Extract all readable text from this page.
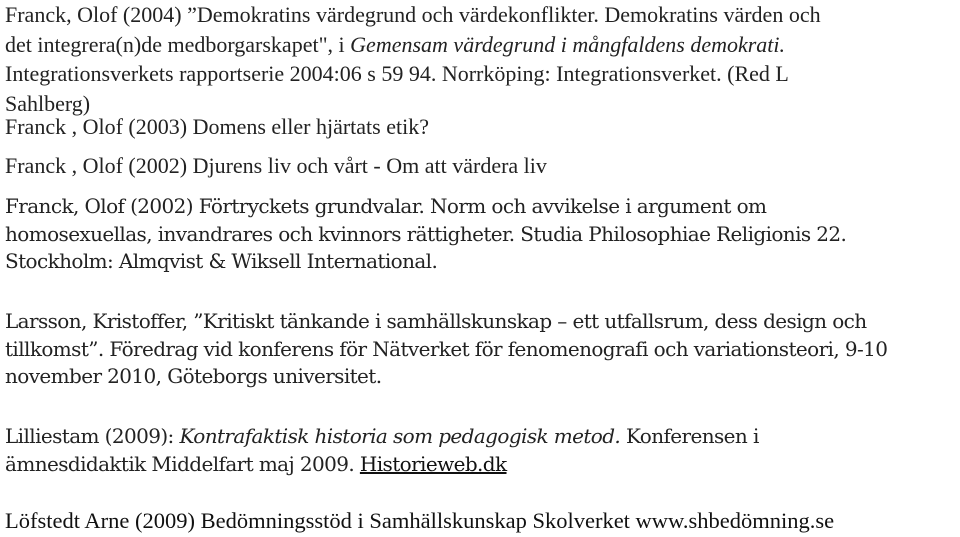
Franck, Olof (2004) ”Demokratins värdegrund och värdekonflikter. Demokratins värden och
det integrera(n)de medborgarskapet", i Gemensam värdegrund i mångfaldens demokrati.
Integrationsverkets rapportserie 2004:06 s 59 94. Norrköping: Integrationsverket. (Red L
Sahlberg)
Franck , Olof (2003) Domens eller hjärtats etik?
Franck , Olof (2002) Djurens liv och vårt - Om att värdera liv
Franck, Olof (2002) Förtryckets grundvalar. Norm och avvikelse i argument om
homosexuellas, invandrares och kvinnors rättigheter. Studia Philosophiae Religionis 22.
Stockholm: Almqvist & Wiksell International.
Larsson, Kristoffer, ”Kritiskt tänkande i samhällskunskap – ett utfallsrum, dess design och
tillkomst”. Föredrag vid konferens för Nätverket för fenomenografi och variationsteori, 9-10
november 2010, Göteborgs universitet.
Lilliestam (2009): Kontrafaktisk historia som pedagogisk metod. Konferensen i
ämnesdidaktik Middelfart maj 2009. Historieweb.dk
Löfstedt Arne (2009) Bedömningsstöd i Samhällskunskap Skolverket www.shbedömning.se
